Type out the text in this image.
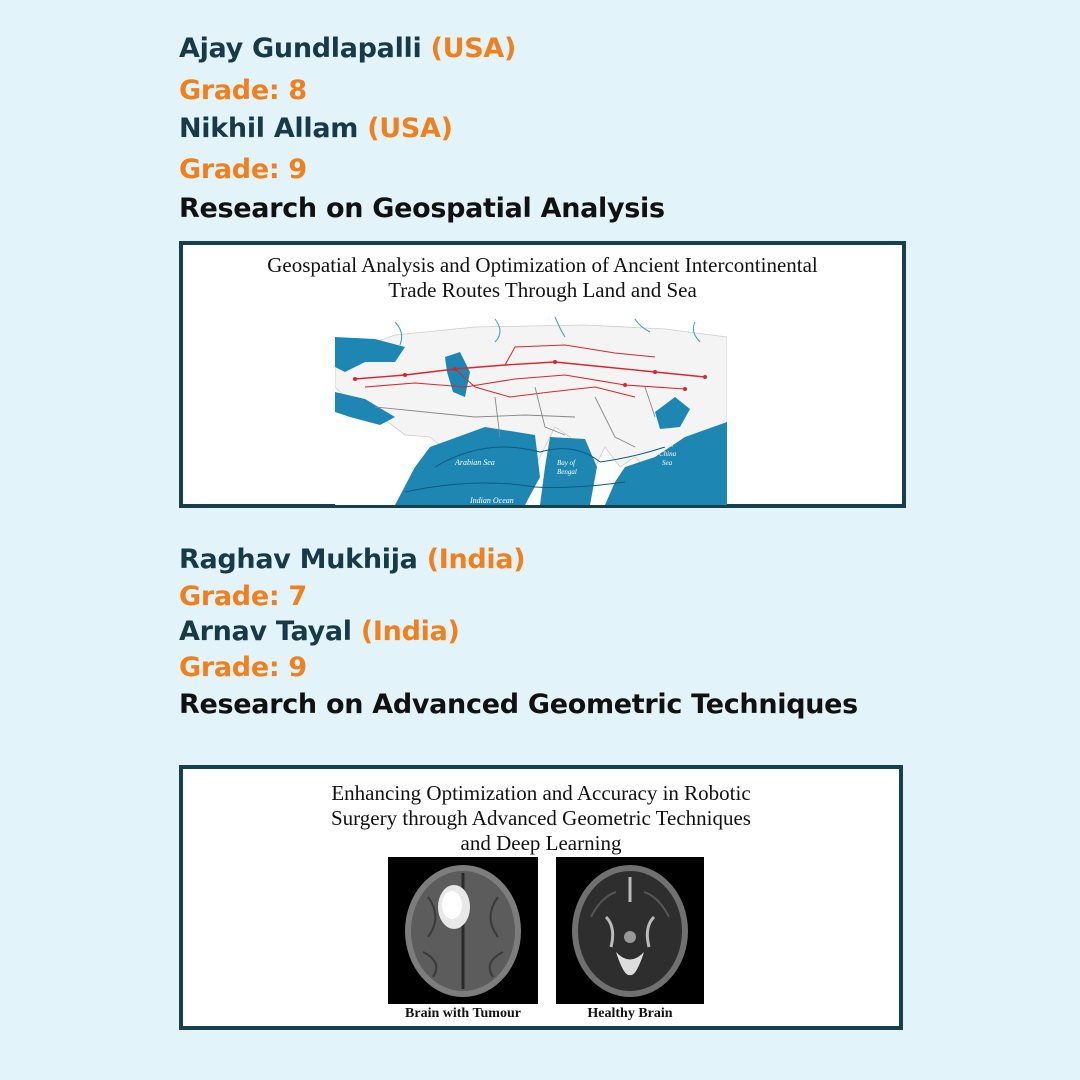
Ajay Gundlapalli (USA)

Grade: 8

Nikhil Allam (USA)

Grade: 9

Research on Geospatial Analysis

Geospatial Analysis and Optimization of Ancient Intercontinental
Trade Routes Through Land and Sea

Arabian Sea	Bay of
Bengal
South
China
Sea
Indian Ocean

Raghav Mukhija (India)

Grade: 7

Arnav Tayal (India)

Grade: 9

Research on Advanced Geometric Techniques

Enhancing Optimization and Accuracy in Robotic
Surgery through Advanced Geometric Techniques
and Deep Learning

Brain with Tumour	Healthy Brain
